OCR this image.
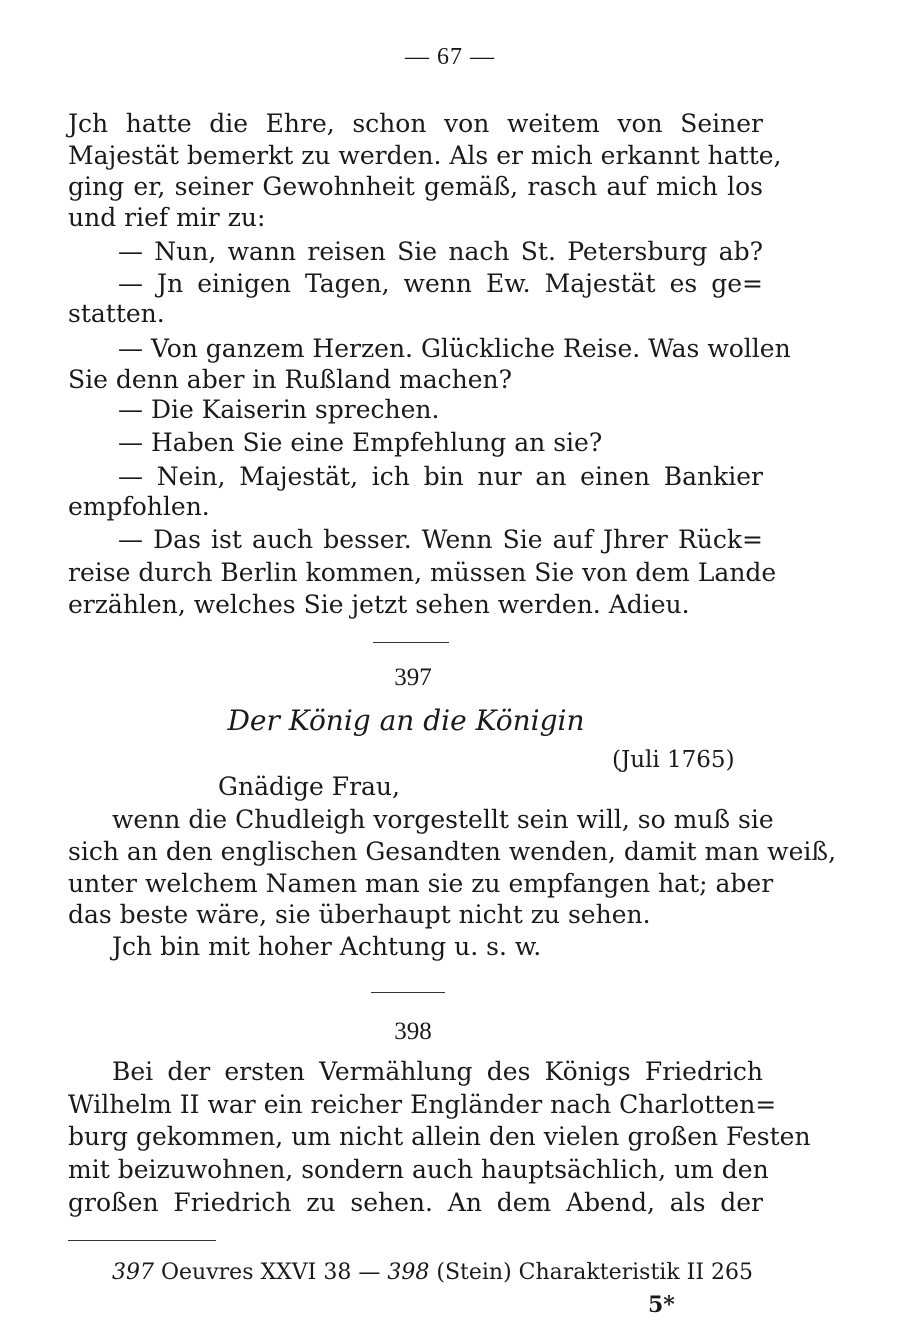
— 67 —
Jch hatte die Ehre, schon von weitem von Seiner
Majestät bemerkt zu werden. Als er mich erkannt hatte,
ging er, seiner Gewohnheit gemäß, rasch auf mich los
und rief mir zu:
— Nun, wann reisen Sie nach St. Petersburg ab?
— Jn einigen Tagen, wenn Ew. Majestät es ge=
statten.
— Von ganzem Herzen. Glückliche Reise. Was wollen
Sie denn aber in Rußland machen?
— Die Kaiserin sprechen.
— Haben Sie eine Empfehlung an sie?
— Nein, Majestät, ich bin nur an einen Bankier
empfohlen.
— Das ist auch besser. Wenn Sie auf Jhrer Rück=
reise durch Berlin kommen, müssen Sie von dem Lande
erzählen, welches Sie jetzt sehen werden. Adieu.
397
Der König an die Königin
(Juli 1765)
Gnädige Frau,
wenn die Chudleigh vorgestellt sein will, so muß sie
sich an den englischen Gesandten wenden, damit man weiß,
unter welchem Namen man sie zu empfangen hat; aber
das beste wäre, sie überhaupt nicht zu sehen.
Jch bin mit hoher Achtung u. s. w.
398
Bei der ersten Vermählung des Königs Friedrich
Wilhelm II war ein reicher Engländer nach Charlotten=
burg gekommen, um nicht allein den vielen großen Festen
mit beizuwohnen, sondern auch hauptsächlich, um den
großen Friedrich zu sehen. An dem Abend, als der
397 Oeuvres XXVI 38 — 398 (Stein) Charakteristik II 265
5*
